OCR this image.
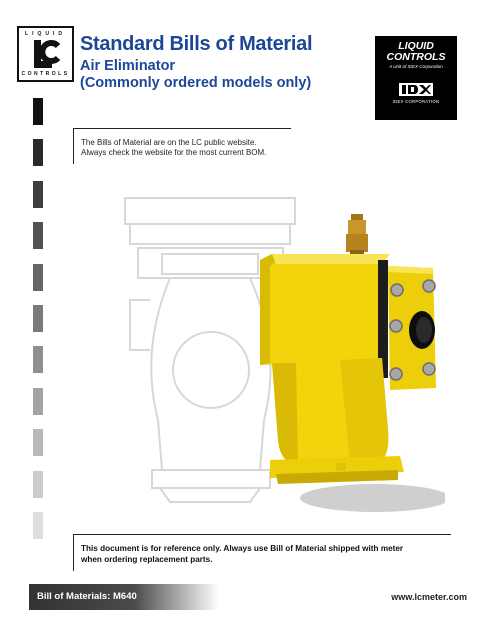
LIQUID
CONTROLS
Standard Bills of Material
Air Eliminator
(Commonly ordered models only)
LIQUID
CONTROLS
A Unit of IDEX Corporation
IDEX CORPORATION
The Bills of Material are on the LC public website.
Always check the website for the most current BOM.
This document is for reference only. Always use Bill of Material shipped with meter
when ordering replacement parts.
Bill of Materials: M640	www.lcmeter.com
